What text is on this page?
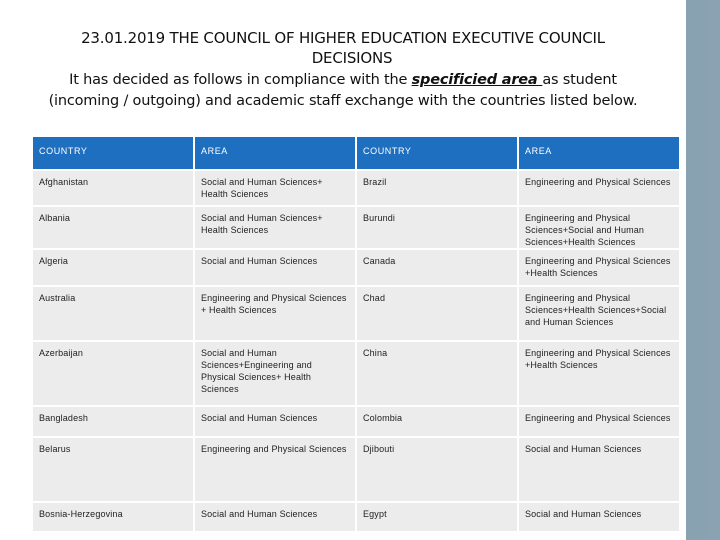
23.01.2019 THE COUNCIL OF HIGHER EDUCATION EXECUTIVE COUNCIL
DECISIONS
It has decided as follows in compliance with the specificied area as student
(incoming / outgoing) and academic staff exchange with the countries listed below.
COUNTRY	AREA	COUNTRY	AREA
Afghanistan	Social and Human Sciences+ Health Sciences	Brazil	Engineering and Physical Sciences
Albania	Social and Human Sciences+ Health Sciences	Burundi	Engineering and Physical Sciences+Social and Human Sciences+Health Sciences
Algeria	Social and Human Sciences	Canada	Engineering and Physical Sciences +Health Sciences
Australia	Engineering and Physical Sciences + Health Sciences	Chad	Engineering and Physical Sciences+Health Sciences+Social and Human Sciences
Azerbaijan	Social and Human Sciences+Engineering and Physical Sciences+ Health Sciences	China	Engineering and Physical Sciences +Health Sciences
Bangladesh	Social and Human Sciences	Colombia	Engineering and Physical Sciences
Belarus	Engineering and Physical Sciences	Djibouti	Social and Human Sciences
Bosnia-Herzegovina	Social and Human Sciences	Egypt	Social and Human Sciences
